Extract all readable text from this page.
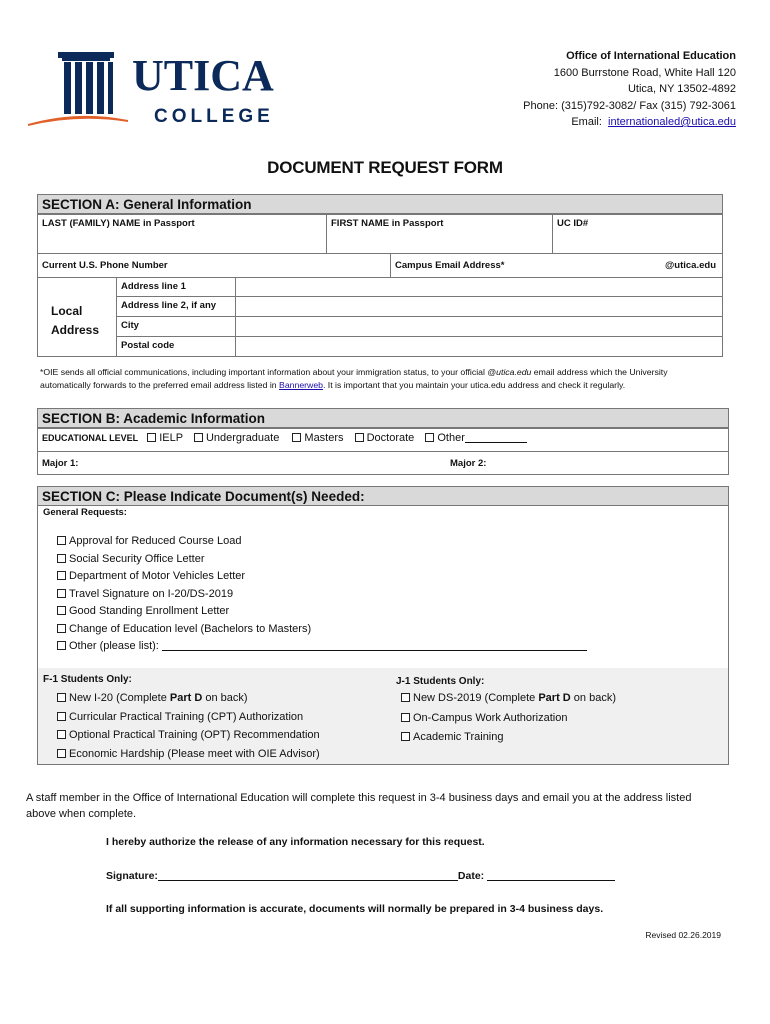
UTICA
COLLEGE
Office of International Education
1600 Burrstone Road, White Hall 120
Utica, NY 13502-4892
Phone: (315)792-3082/ Fax (315) 792-3061
Email: internationaled@utica.edu
DOCUMENT REQUEST FORM
SECTION A: General Information
LAST (FAMILY) NAME in Passport	FIRST NAME in Passport	UC ID#
Current U.S. Phone Number	Campus Email Address*	@utica.edu
Local
Address
Address line 1
Address line 2, if any
City
Postal code
*OIE sends all official communications, including important information about your immigration status, to your official @utica.edu email address which the University
automatically forwards to the preferred email address listed in Bannerweb. It is important that you maintain your utica.edu address and check it regularly.
SECTION B: Academic Information
EDUCATIONAL LEVEL IELP Undergraduate Masters Doctorate Other
Major 1:	Major 2:
SECTION C: Please Indicate Document(s) Needed:
General Requests:
Approval for Reduced Course Load
Social Security Office Letter
Department of Motor Vehicles Letter
Travel Signature on I-20/DS-2019
Good Standing Enrollment Letter
Change of Education level (Bachelors to Masters)
Other (please list):
F-1 Students Only:
New I-20 (Complete Part D on back)
Curricular Practical Training (CPT) Authorization
Optional Practical Training (OPT) Recommendation
Economic Hardship (Please meet with OIE Advisor)
J-1 Students Only:
New DS-2019 (Complete Part D on back)
On-Campus Work Authorization
Academic Training
A staff member in the Office of International Education will complete this request in 3-4 business days and email you at the address listed
above when complete.
I hereby authorize the release of any information necessary for this request.
Signature:	Date:
If all supporting information is accurate, documents will normally be prepared in 3-4 business days.
Revised 02.26.2019
